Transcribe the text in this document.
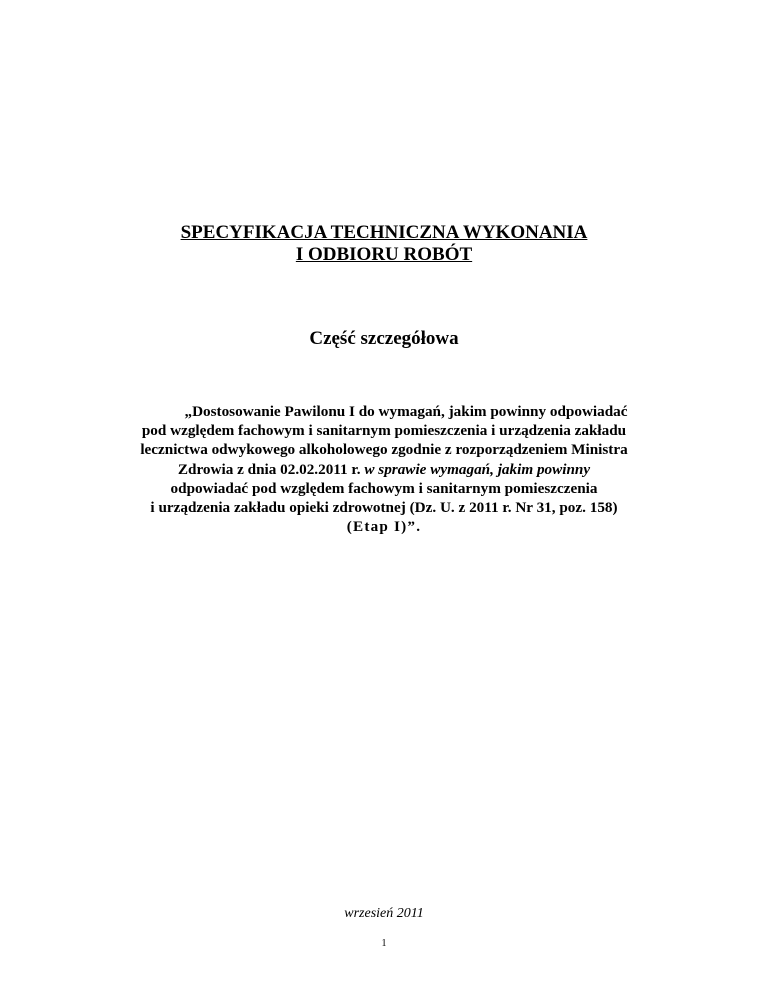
SPECYFIKACJA TECHNICZNA WYKONANIA
I ODBIORU ROBÓT
Część szczegółowa
„Dostosowanie Pawilonu I do wymagań, jakim powinny odpowiadać
pod względem fachowym i sanitarnym pomieszczenia i urządzenia zakładu
lecznictwa odwykowego alkoholowego zgodnie z rozporządzeniem Ministra
Zdrowia z dnia 02.02.2011 r. w sprawie wymagań, jakim powinny
odpowiadać pod względem fachowym i sanitarnym pomieszczenia
i urządzenia zakładu opieki zdrowotnej (Dz. U. z 2011 r. Nr 31, poz. 158)
(Etap I)”.
wrzesień 2011
1
